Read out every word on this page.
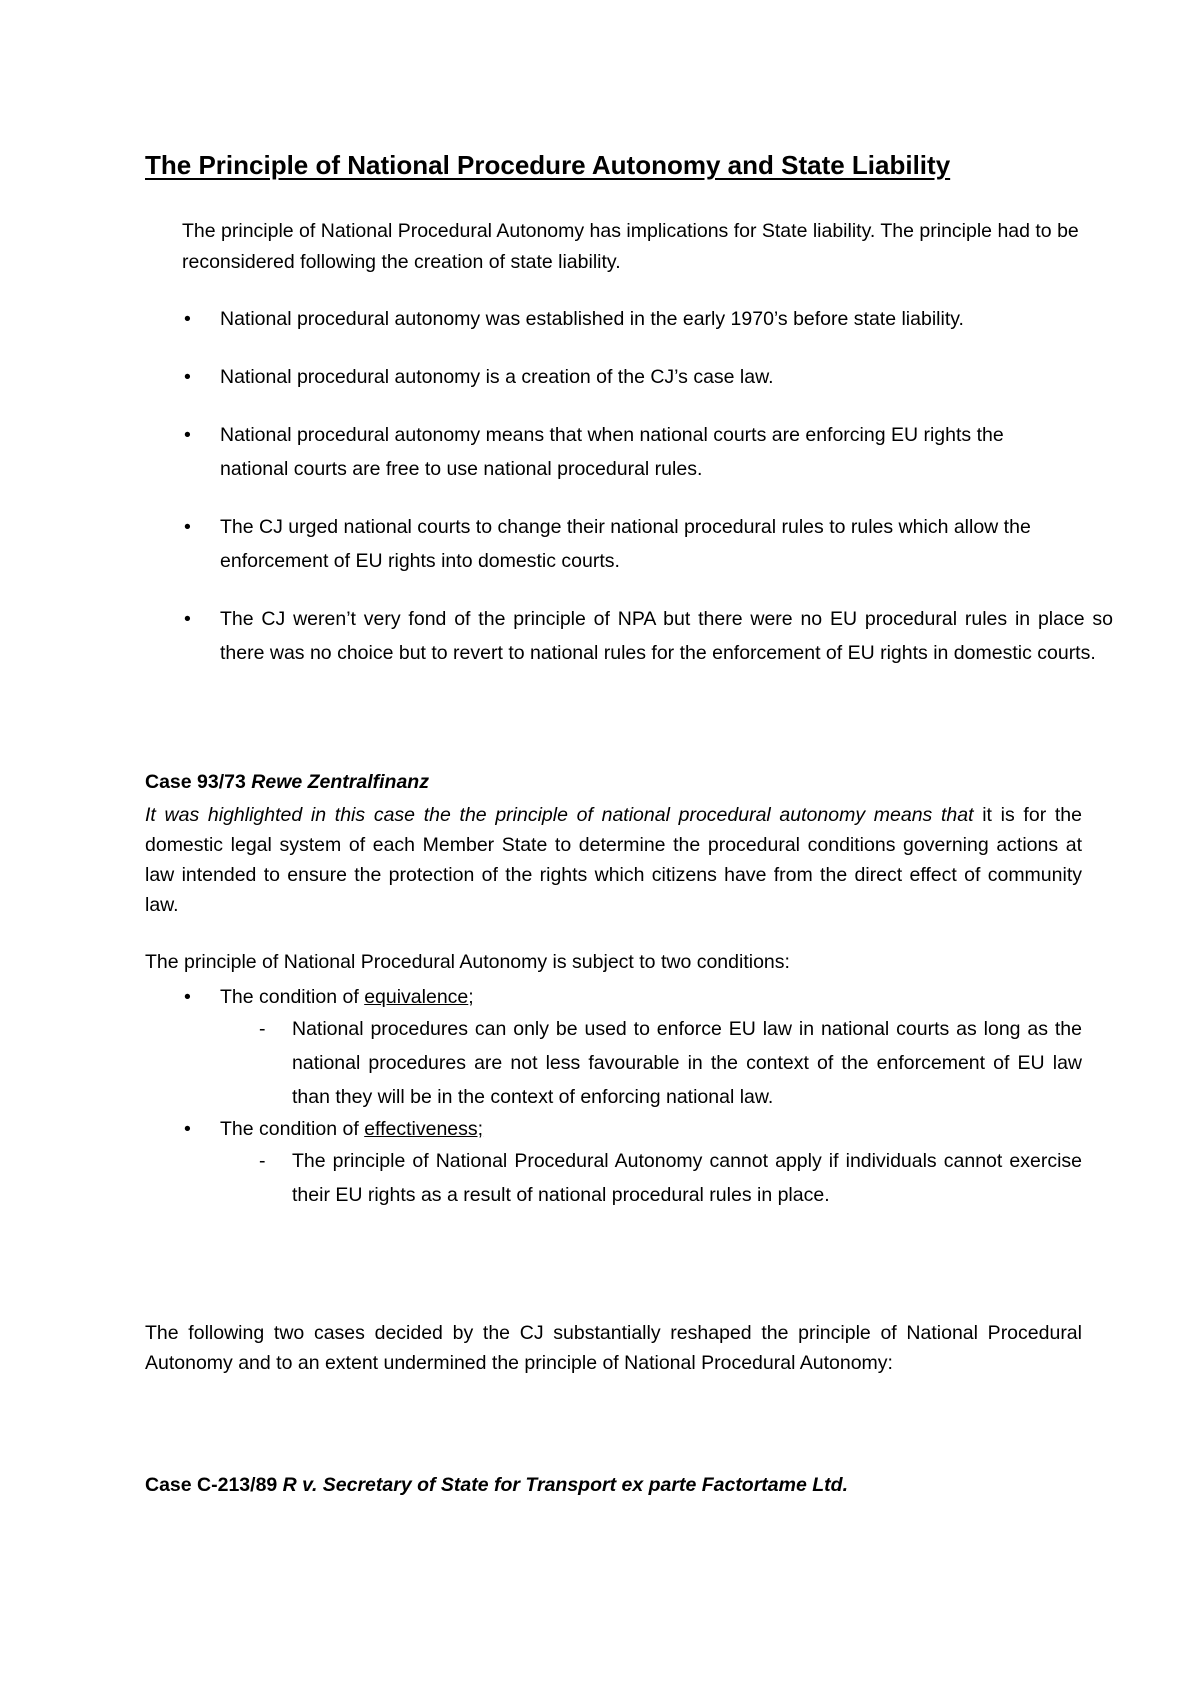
The Principle of National Procedure Autonomy and State Liability
The principle of National Procedural Autonomy has implications for State liability. The principle had to be reconsidered following the creation of state liability.
• National procedural autonomy was established in the early 1970’s before state liability.
• National procedural autonomy is a creation of the CJ’s case law.
• National procedural autonomy means that when national courts are enforcing EU rights the national courts are free to use national procedural rules.
• The CJ urged national courts to change their national procedural rules to rules which allow the enforcement of EU rights into domestic courts.
• The CJ weren’t very fond of the principle of NPA but there were no EU procedural rules in place so there was no choice but to revert to national rules for the enforcement of EU rights in domestic courts.
Case 93/73 Rewe Zentralfinanz
It was highlighted in this case the the principle of national procedural autonomy means that it is for the domestic legal system of each Member State to determine the procedural conditions governing actions at law intended to ensure the protection of the rights which citizens have from the direct effect of community law.
The principle of National Procedural Autonomy is subject to two conditions:
• The condition of equivalence;
- National procedures can only be used to enforce EU law in national courts as long as the national procedures are not less favourable in the context of the enforcement of EU law than they will be in the context of enforcing national law.
• The condition of effectiveness;
- The principle of National Procedural Autonomy cannot apply if individuals cannot exercise their EU rights as a result of national procedural rules in place.
The following two cases decided by the CJ substantially reshaped the principle of National Procedural Autonomy and to an extent undermined the principle of National Procedural Autonomy:
Case C-213/89 R v. Secretary of State for Transport ex parte Factortame Ltd.
